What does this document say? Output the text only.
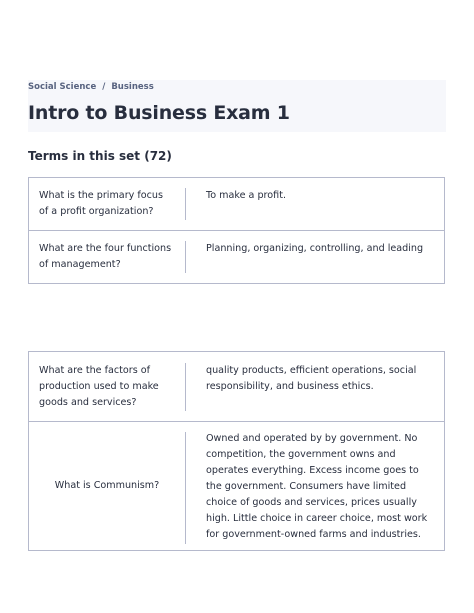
Social Science / Business
Intro to Business Exam 1
Terms in this set (72)
What is the primary focus of a profit organization?
To make a profit.
What are the four functions of management?
Planning, organizing, controlling, and leading
What are the factors of production used to make goods and services?
quality products, efficient operations, social responsibility, and business ethics.
What is Communism?
Owned and operated by by government. No competition, the government owns and operates everything. Excess income goes to the government. Consumers have limited choice of goods and services, prices usually high. Little choice in career choice, most work for government-owned farms and industries.
